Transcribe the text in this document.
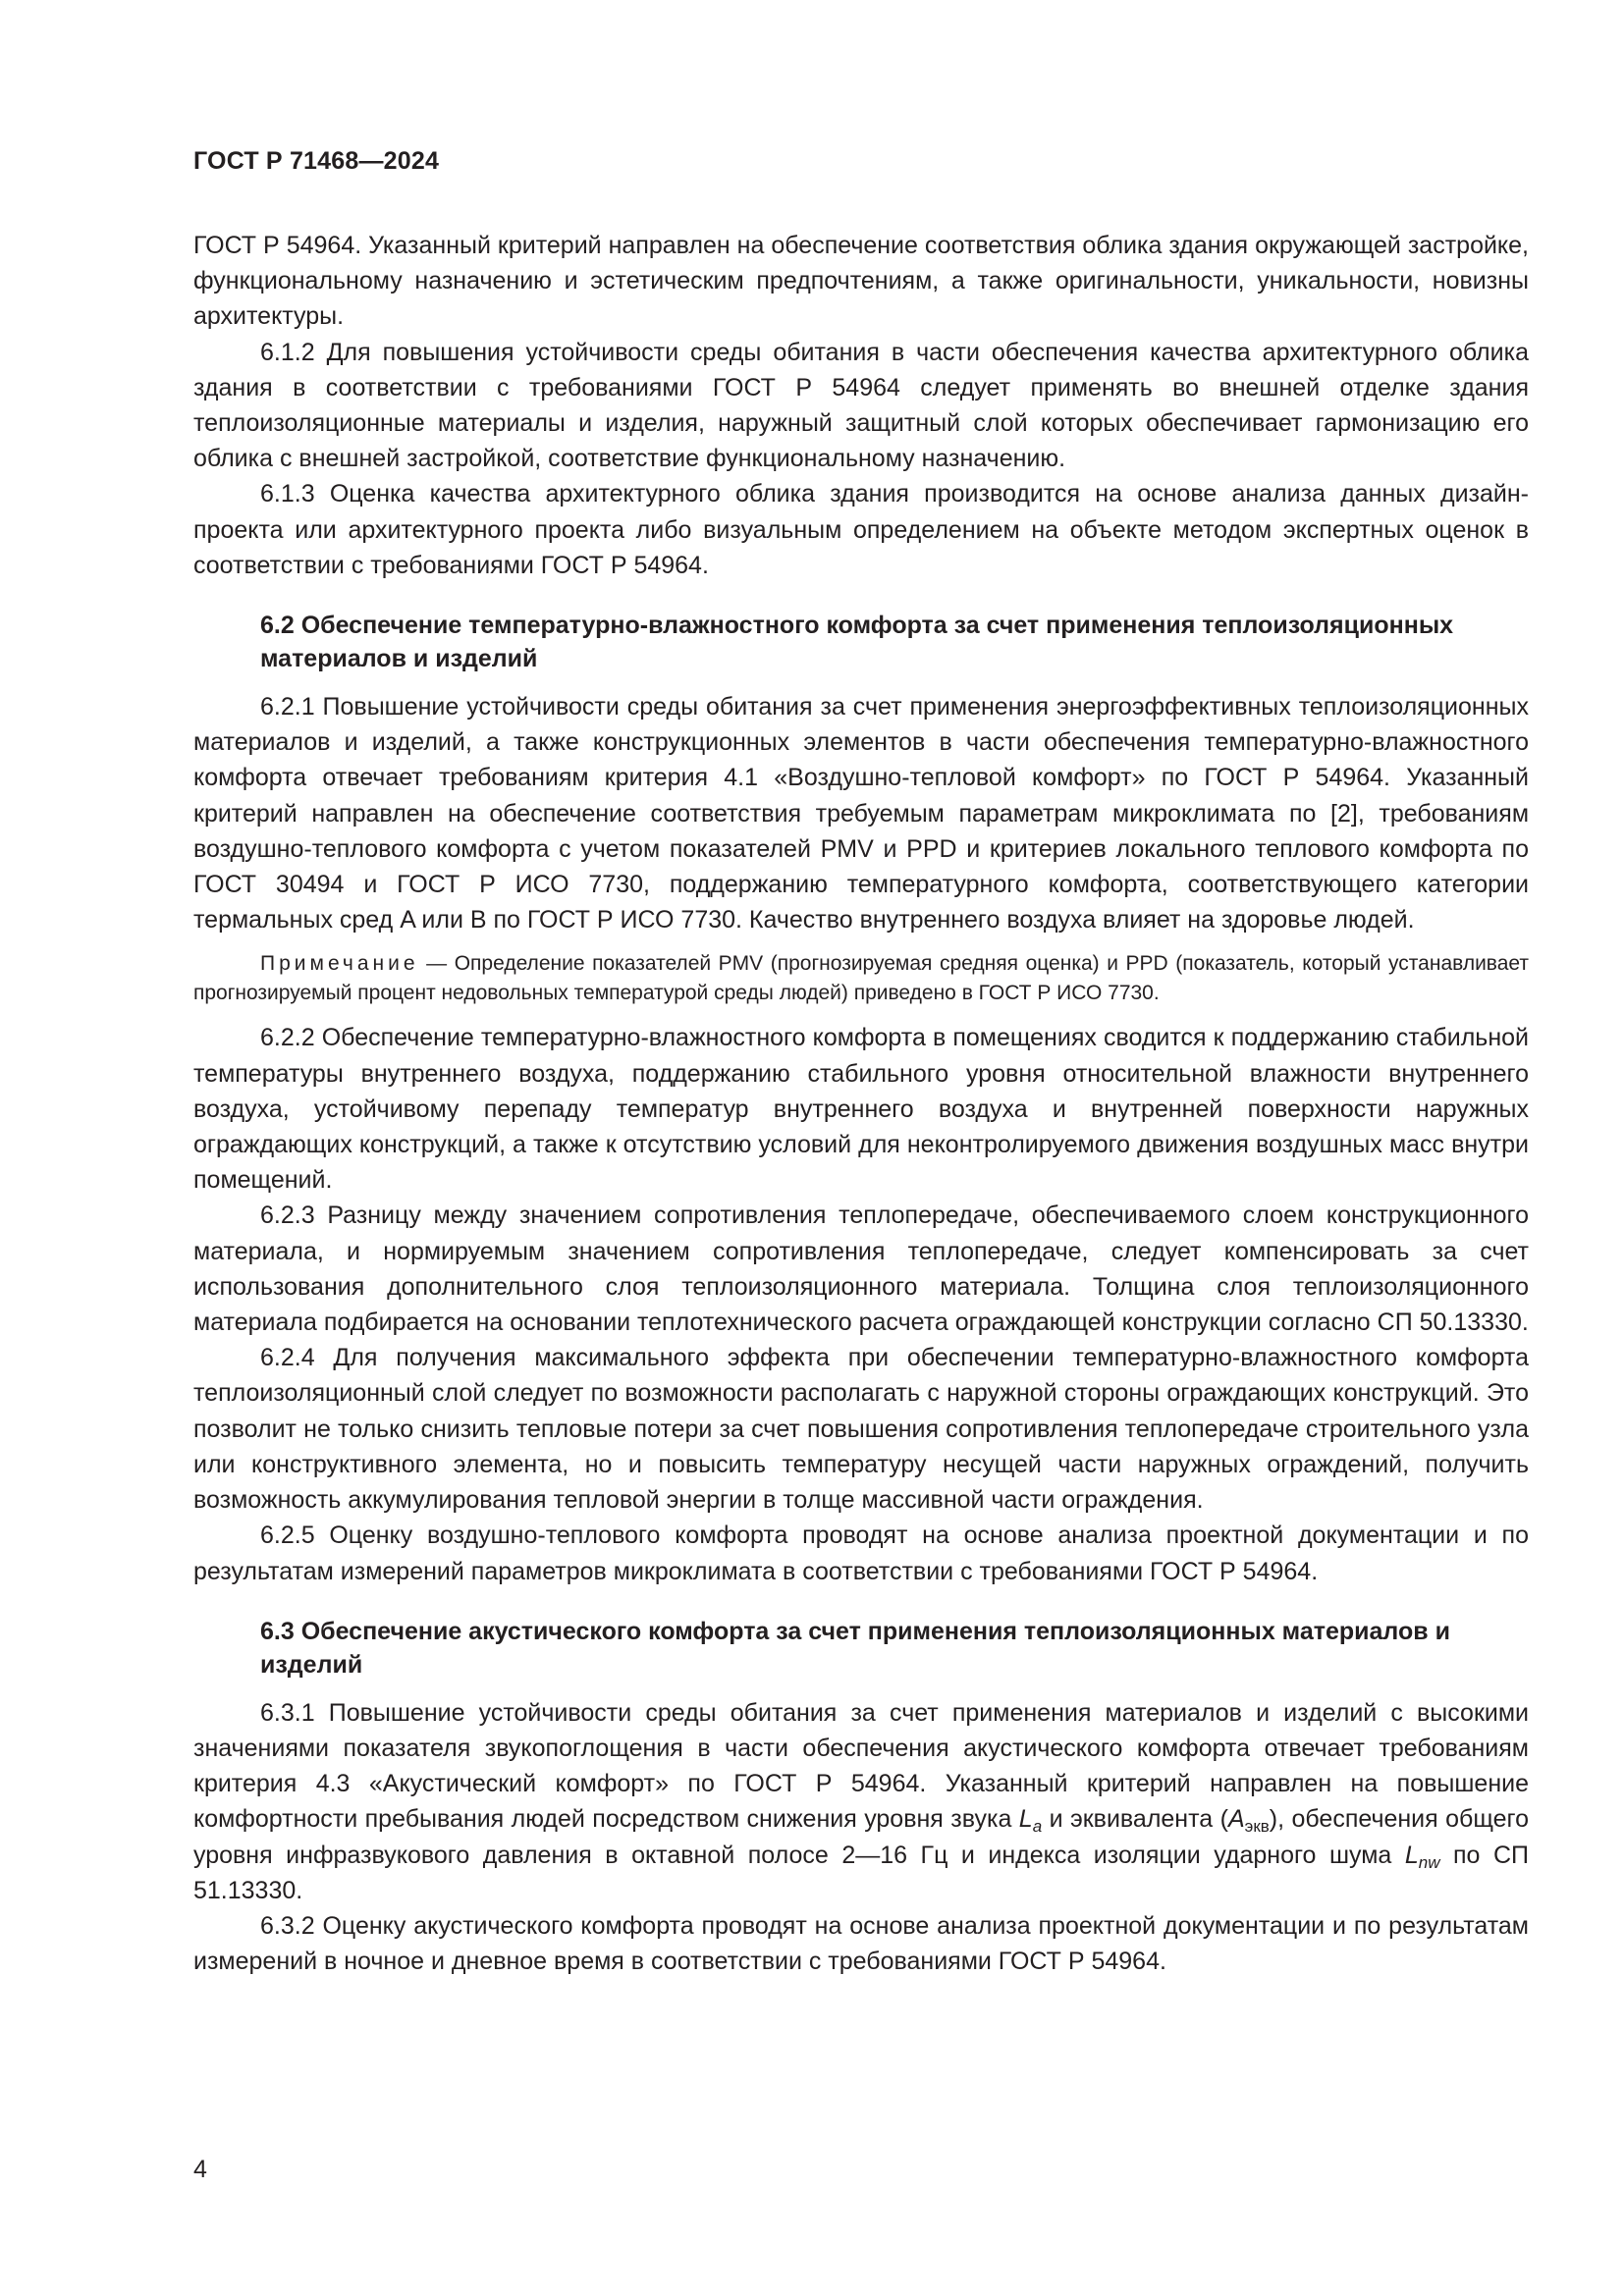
ГОСТ Р 71468—2024

ГОСТ Р 54964. Указанный критерий направлен на обеспечение соответствия облика здания окружающей застройке, функциональному назначению и эстетическим предпочтениям, а также оригинальности, уникальности, новизны архитектуры.

6.1.2 Для повышения устойчивости среды обитания в части обеспечения качества архитектурного облика здания в соответствии с требованиями ГОСТ Р 54964 следует применять во внешней отделке здания теплоизоляционные материалы и изделия, наружный защитный слой которых обеспечивает гармонизацию его облика с внешней застройкой, соответствие функциональному назначению.

6.1.3 Оценка качества архитектурного облика здания производится на основе анализа данных дизайн-проекта или архитектурного проекта либо визуальным определением на объекте методом экспертных оценок в соответствии с требованиями ГОСТ Р 54964.

6.2 Обеспечение температурно-влажностного комфорта за счет применения теплоизоляционных материалов и изделий

6.2.1 Повышение устойчивости среды обитания за счет применения энергоэффективных теплоизоляционных материалов и изделий, а также конструкционных элементов в части обеспечения температурно-влажностного комфорта отвечает требованиям критерия 4.1 «Воздушно-тепловой комфорт» по ГОСТ Р 54964. Указанный критерий направлен на обеспечение соответствия требуемым параметрам микроклимата по [2], требованиям воздушно-теплового комфорта с учетом показателей PMV и PPD и критериев локального теплового комфорта по ГОСТ 30494 и ГОСТ Р ИСО 7730, поддержанию температурного комфорта, соответствующего категории термальных сред A или B по ГОСТ Р ИСО 7730. Качество внутреннего воздуха влияет на здоровье людей.

Примечание — Определение показателей PMV (прогнозируемая средняя оценка) и PPD (показатель, который устанавливает прогнозируемый процент недовольных температурой среды людей) приведено в ГОСТ Р ИСО 7730.

6.2.2 Обеспечение температурно-влажностного комфорта в помещениях сводится к поддержанию стабильной температуры внутреннего воздуха, поддержанию стабильного уровня относительной влажности внутреннего воздуха, устойчивому перепаду температур внутреннего воздуха и внутренней поверхности наружных ограждающих конструкций, а также к отсутствию условий для неконтролируемого движения воздушных масс внутри помещений.

6.2.3 Разницу между значением сопротивления теплопередаче, обеспечиваемого слоем конструкционного материала, и нормируемым значением сопротивления теплопередаче, следует компенсировать за счет использования дополнительного слоя теплоизоляционного материала. Толщина слоя теплоизоляционного материала подбирается на основании теплотехнического расчета ограждающей конструкции согласно СП 50.13330.

6.2.4 Для получения максимального эффекта при обеспечении температурно-влажностного комфорта теплоизоляционный слой следует по возможности располагать с наружной стороны ограждающих конструкций. Это позволит не только снизить тепловые потери за счет повышения сопротивления теплопередаче строительного узла или конструктивного элемента, но и повысить температуру несущей части наружных ограждений, получить возможность аккумулирования тепловой энергии в толще массивной части ограждения.

6.2.5 Оценку воздушно-теплового комфорта проводят на основе анализа проектной документации и по результатам измерений параметров микроклимата в соответствии с требованиями ГОСТ Р 54964.

6.3 Обеспечение акустического комфорта за счет применения теплоизоляционных материалов и изделий

6.3.1 Повышение устойчивости среды обитания за счет применения материалов и изделий с высокими значениями показателя звукопоглощения в части обеспечения акустического комфорта отвечает требованиям критерия 4.3 «Акустический комфорт» по ГОСТ Р 54964. Указанный критерий направлен на повышение комфортности пребывания людей посредством снижения уровня звука $L_a$ и эквивалента $(A_{экв})$, обеспечения общего уровня инфразвукового давления в октавной полосе 2—16 Гц и индекса изоляции ударного шума $L_{nw}$ по СП 51.13330.

6.3.2 Оценку акустического комфорта проводят на основе анализа проектной документации и по результатам измерений в ночное и дневное время в соответствии с требованиями ГОСТ Р 54964.

4
